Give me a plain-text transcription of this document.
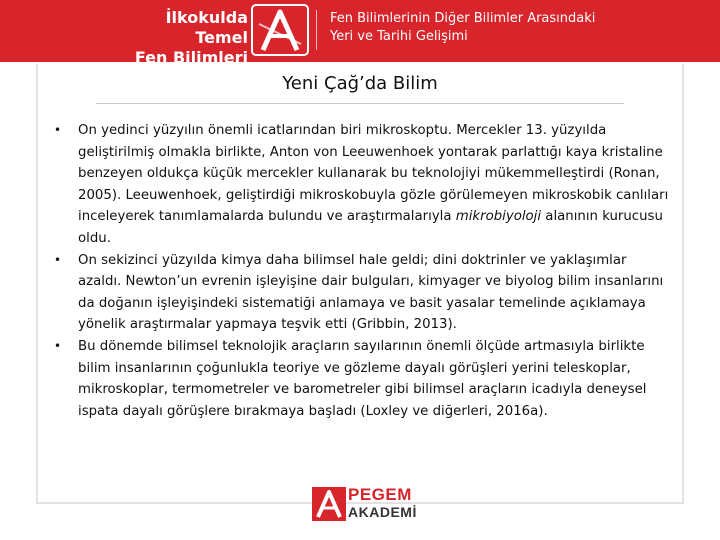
İlkokulda Temel
Fen Bilimleri
Fen Bilimlerinin Diğer Bilimler Arasındaki
Yeri ve Tarihi Gelişimi
Yeni Çağ’da Bilim
•	On yedinci yüzyılın önemli icatlarından biri mikroskoptu. Mercekler 13. yüzyılda geliştirilmiş olmakla birlikte, Anton von Leeuwenhoek yontarak parlattığı kaya kristaline benzeyen oldukça küçük mercekler kullanarak bu teknolojiyi mükemmelleştirdi (Ronan, 2005). Leeuwenhoek, geliştirdiği mikroskobuyla gözle görülemeyen mikroskobik canlıları inceleyerek tanımlamalarda bulundu ve araştırmalarıyla mikrobiyoloji alanının kurucusu oldu.
•	On sekizinci yüzyılda kimya daha bilimsel hale geldi; dini doktrinler ve yaklaşımlar azaldı. Newton’un evrenin işleyişine dair bulguları, kimyager ve biyolog bilim insanlarını da doğanın işleyişindeki sistematiği anlamaya ve basit yasalar temelinde açıklamaya yönelik araştırmalar yapmaya teşvik etti (Gribbin, 2013).
•	Bu dönemde bilimsel teknolojik araçların sayılarının önemli ölçüde artmasıyla birlikte bilim insanlarının çoğunlukla teoriye ve gözleme dayalı görüşleri yerini teleskoplar, mikroskoplar, termometreler ve barometreler gibi bilimsel araçların icadıyla deneysel ispata dayalı görüşlere bırakmaya başladı (Loxley ve diğerleri, 2016a).
PEGEM
AKADEMİ
